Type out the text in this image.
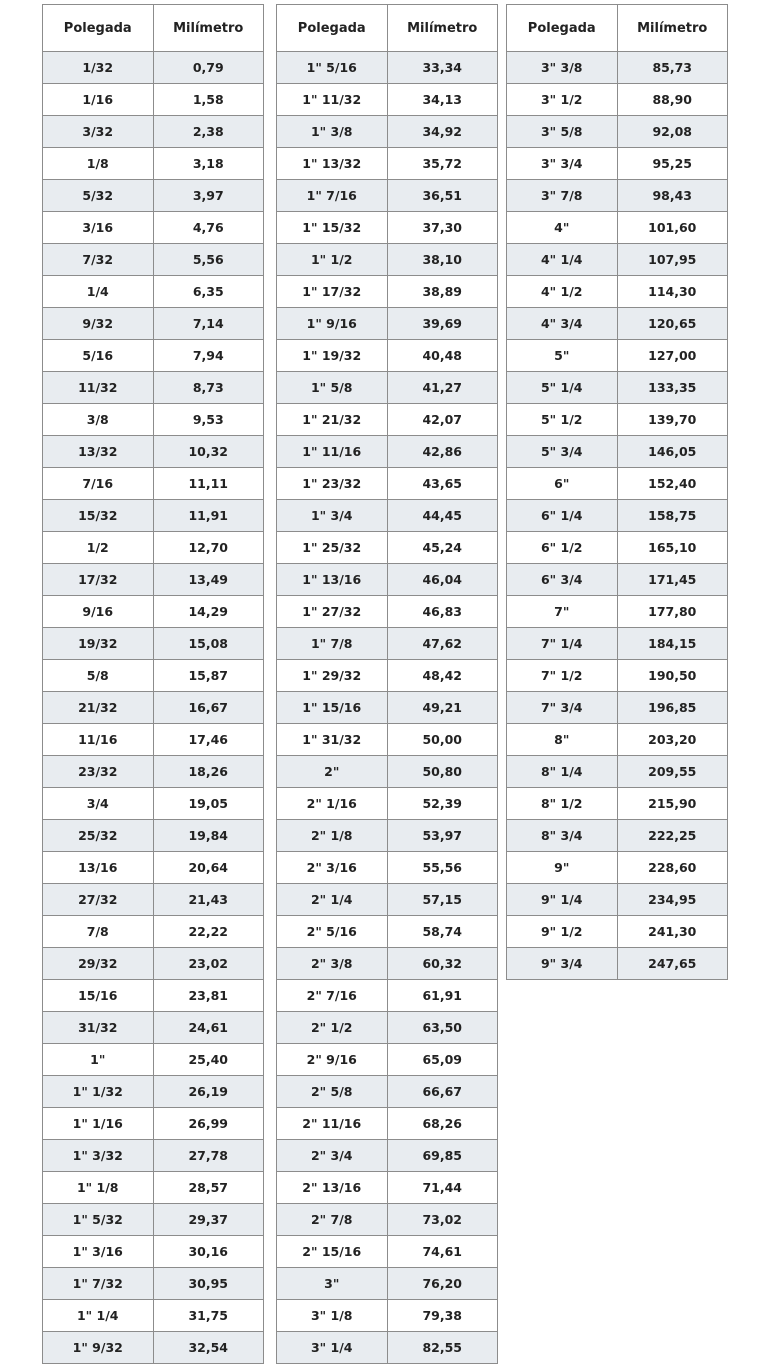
Polegada	Milímetro
1/32	0,79
1/16	1,58
3/32	2,38
1/8	3,18
5/32	3,97
3/16	4,76
7/32	5,56
1/4	6,35
9/32	7,14
5/16	7,94
11/32	8,73
3/8	9,53
13/32	10,32
7/16	11,11
15/32	11,91
1/2	12,70
17/32	13,49
9/16	14,29
19/32	15,08
5/8	15,87
21/32	16,67
11/16	17,46
23/32	18,26
3/4	19,05
25/32	19,84
13/16	20,64
27/32	21,43
7/8	22,22
29/32	23,02
15/16	23,81
31/32	24,61
1"	25,40
1" 1/32	26,19
1" 1/16	26,99
1" 3/32	27,78
1" 1/8	28,57
1" 5/32	29,37
1" 3/16	30,16
1" 7/32	30,95
1" 1/4	31,75
1" 9/32	32,54
Polegada	Milímetro
1" 5/16	33,34
1" 11/32	34,13
1" 3/8	34,92
1" 13/32	35,72
1" 7/16	36,51
1" 15/32	37,30
1" 1/2	38,10
1" 17/32	38,89
1" 9/16	39,69
1" 19/32	40,48
1" 5/8	41,27
1" 21/32	42,07
1" 11/16	42,86
1" 23/32	43,65
1" 3/4	44,45
1" 25/32	45,24
1" 13/16	46,04
1" 27/32	46,83
1" 7/8	47,62
1" 29/32	48,42
1" 15/16	49,21
1" 31/32	50,00
2"	50,80
2" 1/16	52,39
2" 1/8	53,97
2" 3/16	55,56
2" 1/4	57,15
2" 5/16	58,74
2" 3/8	60,32
2" 7/16	61,91
2" 1/2	63,50
2" 9/16	65,09
2" 5/8	66,67
2" 11/16	68,26
2" 3/4	69,85
2" 13/16	71,44
2" 7/8	73,02
2" 15/16	74,61
3"	76,20
3" 1/8	79,38
3" 1/4	82,55
Polegada	Milímetro
3" 3/8	85,73
3" 1/2	88,90
3" 5/8	92,08
3" 3/4	95,25
3" 7/8	98,43
4"	101,60
4" 1/4	107,95
4" 1/2	114,30
4" 3/4	120,65
5"	127,00
5" 1/4	133,35
5" 1/2	139,70
5" 3/4	146,05
6"	152,40
6" 1/4	158,75
6" 1/2	165,10
6" 3/4	171,45
7"	177,80
7" 1/4	184,15
7" 1/2	190,50
7" 3/4	196,85
8"	203,20
8" 1/4	209,55
8" 1/2	215,90
8" 3/4	222,25
9"	228,60
9" 1/4	234,95
9" 1/2	241,30
9" 3/4	247,65
